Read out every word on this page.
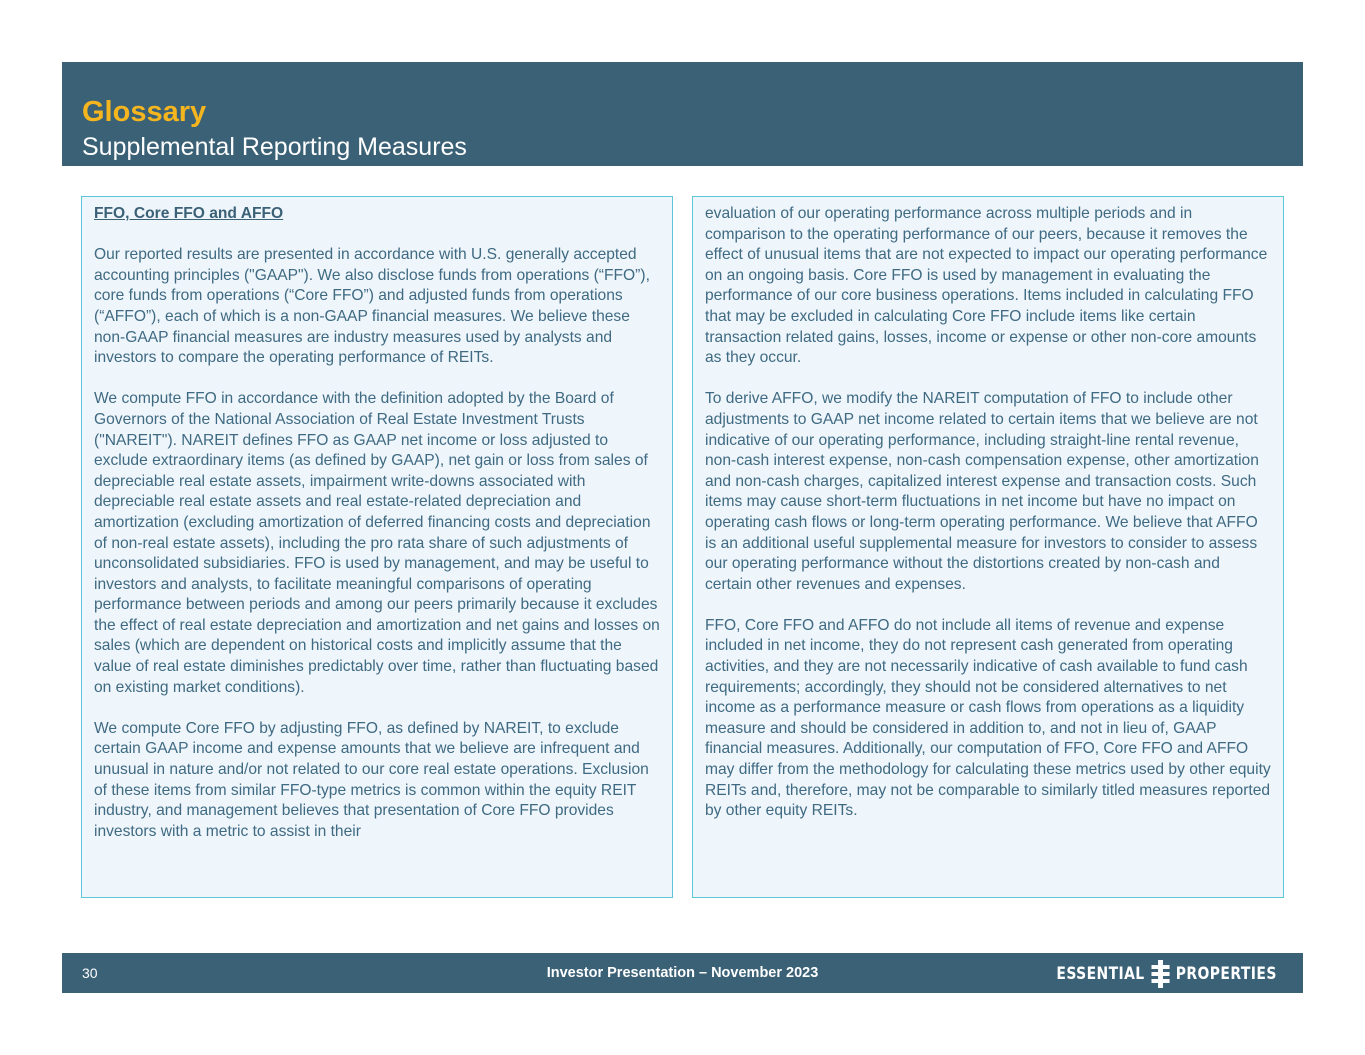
Glossary
Supplemental Reporting Measures
FFO, Core FFO and AFFO

Our reported results are presented in accordance with U.S. generally accepted accounting principles ("GAAP"). We also disclose funds from operations (“FFO”), core funds from operations (“Core FFO”) and adjusted funds from operations (“AFFO”), each of which is a non-GAAP financial measures. We believe these non-GAAP financial measures are industry measures used by analysts and investors to compare the operating performance of REITs.

We compute FFO in accordance with the definition adopted by the Board of Governors of the National Association of Real Estate Investment Trusts ("NAREIT"). NAREIT defines FFO as GAAP net income or loss adjusted to exclude extraordinary items (as defined by GAAP), net gain or loss from sales of depreciable real estate assets, impairment write-downs associated with depreciable real estate assets and real estate-related depreciation and amortization (excluding amortization of deferred financing costs and depreciation of non-real estate assets), including the pro rata share of such adjustments of unconsolidated subsidiaries. FFO is used by management, and may be useful to investors and analysts, to facilitate meaningful comparisons of operating performance between periods and among our peers primarily because it excludes the effect of real estate depreciation and amortization and net gains and losses on sales (which are dependent on historical costs and implicitly assume that the value of real estate diminishes predictably over time, rather than fluctuating based on existing market conditions).

We compute Core FFO by adjusting FFO, as defined by NAREIT, to exclude certain GAAP income and expense amounts that we believe are infrequent and unusual in nature and/or not related to our core real estate operations. Exclusion of these items from similar FFO-type metrics is common within the equity REIT industry, and management believes that presentation of Core FFO provides investors with a metric to assist in their

evaluation of our operating performance across multiple periods and in comparison to the operating performance of our peers, because it removes the effect of unusual items that are not expected to impact our operating performance on an ongoing basis. Core FFO is used by management in evaluating the performance of our core business operations. Items included in calculating FFO that may be excluded in calculating Core FFO include items like certain transaction related gains, losses, income or expense or other non-core amounts as they occur.

To derive AFFO, we modify the NAREIT computation of FFO to include other adjustments to GAAP net income related to certain items that we believe are not indicative of our operating performance, including straight-line rental revenue, non-cash interest expense, non-cash compensation expense, other amortization and non-cash charges, capitalized interest expense and transaction costs. Such items may cause short-term fluctuations in net income but have no impact on operating cash flows or long-term operating performance. We believe that AFFO is an additional useful supplemental measure for investors to consider to assess our operating performance without the distortions created by non-cash and certain other revenues and expenses.

FFO, Core FFO and AFFO do not include all items of revenue and expense included in net income, they do not represent cash generated from operating activities, and they are not necessarily indicative of cash available to fund cash requirements; accordingly, they should not be considered alternatives to net income as a performance measure or cash flows from operations as a liquidity measure and should be considered in addition to, and not in lieu of, GAAP financial measures. Additionally, our computation of FFO, Core FFO and AFFO may differ from the methodology for calculating these metrics used by other equity REITs and, therefore, may not be comparable to similarly titled measures reported by other equity REITs.

30	Investor Presentation – November 2023	ESSENTIAL PROPERTIES
